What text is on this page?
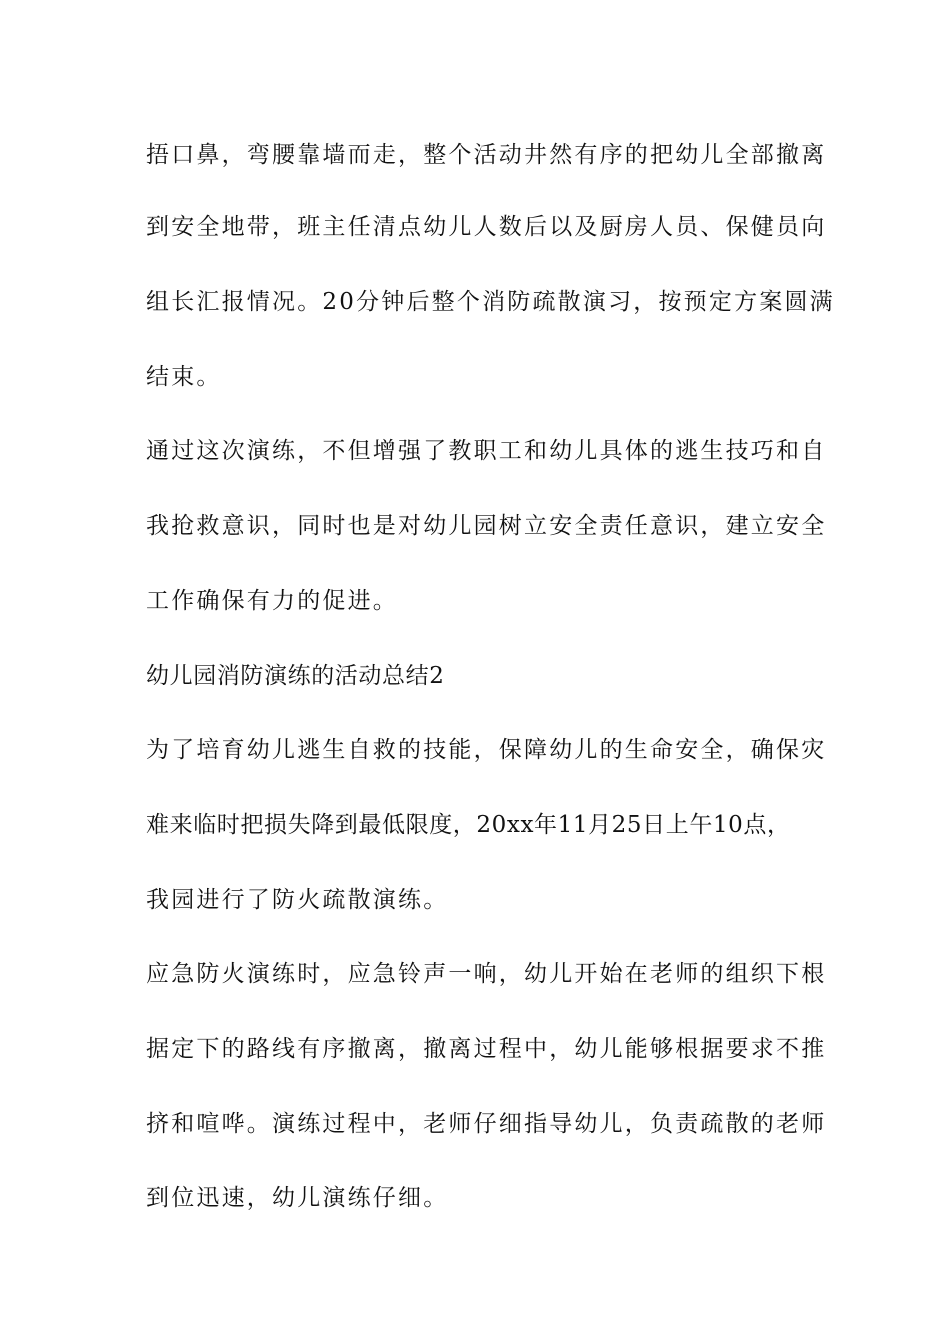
捂口鼻，弯腰靠墙而走，整个活动井然有序的把幼儿全部撤离
到安全地带，班主任清点幼儿人数后以及厨房人员、保健员向
组长汇报情况。20分钟后整个消防疏散演习，按预定方案圆满
结束。
通过这次演练，不但增强了教职工和幼儿具体的逃生技巧和自
我抢救意识，同时也是对幼儿园树立安全责任意识，建立安全
工作确保有力的促进。
幼儿园消防演练的活动总结2
为了培育幼儿逃生自救的技能，保障幼儿的生命安全，确保灾
难来临时把损失降到最低限度，20xx年11月25日上午10点，
我园进行了防火疏散演练。
应急防火演练时，应急铃声一响，幼儿开始在老师的组织下根
据定下的路线有序撤离，撤离过程中，幼儿能够根据要求不推
挤和喧哗。演练过程中，老师仔细指导幼儿，负责疏散的老师
到位迅速，幼儿演练仔细。
